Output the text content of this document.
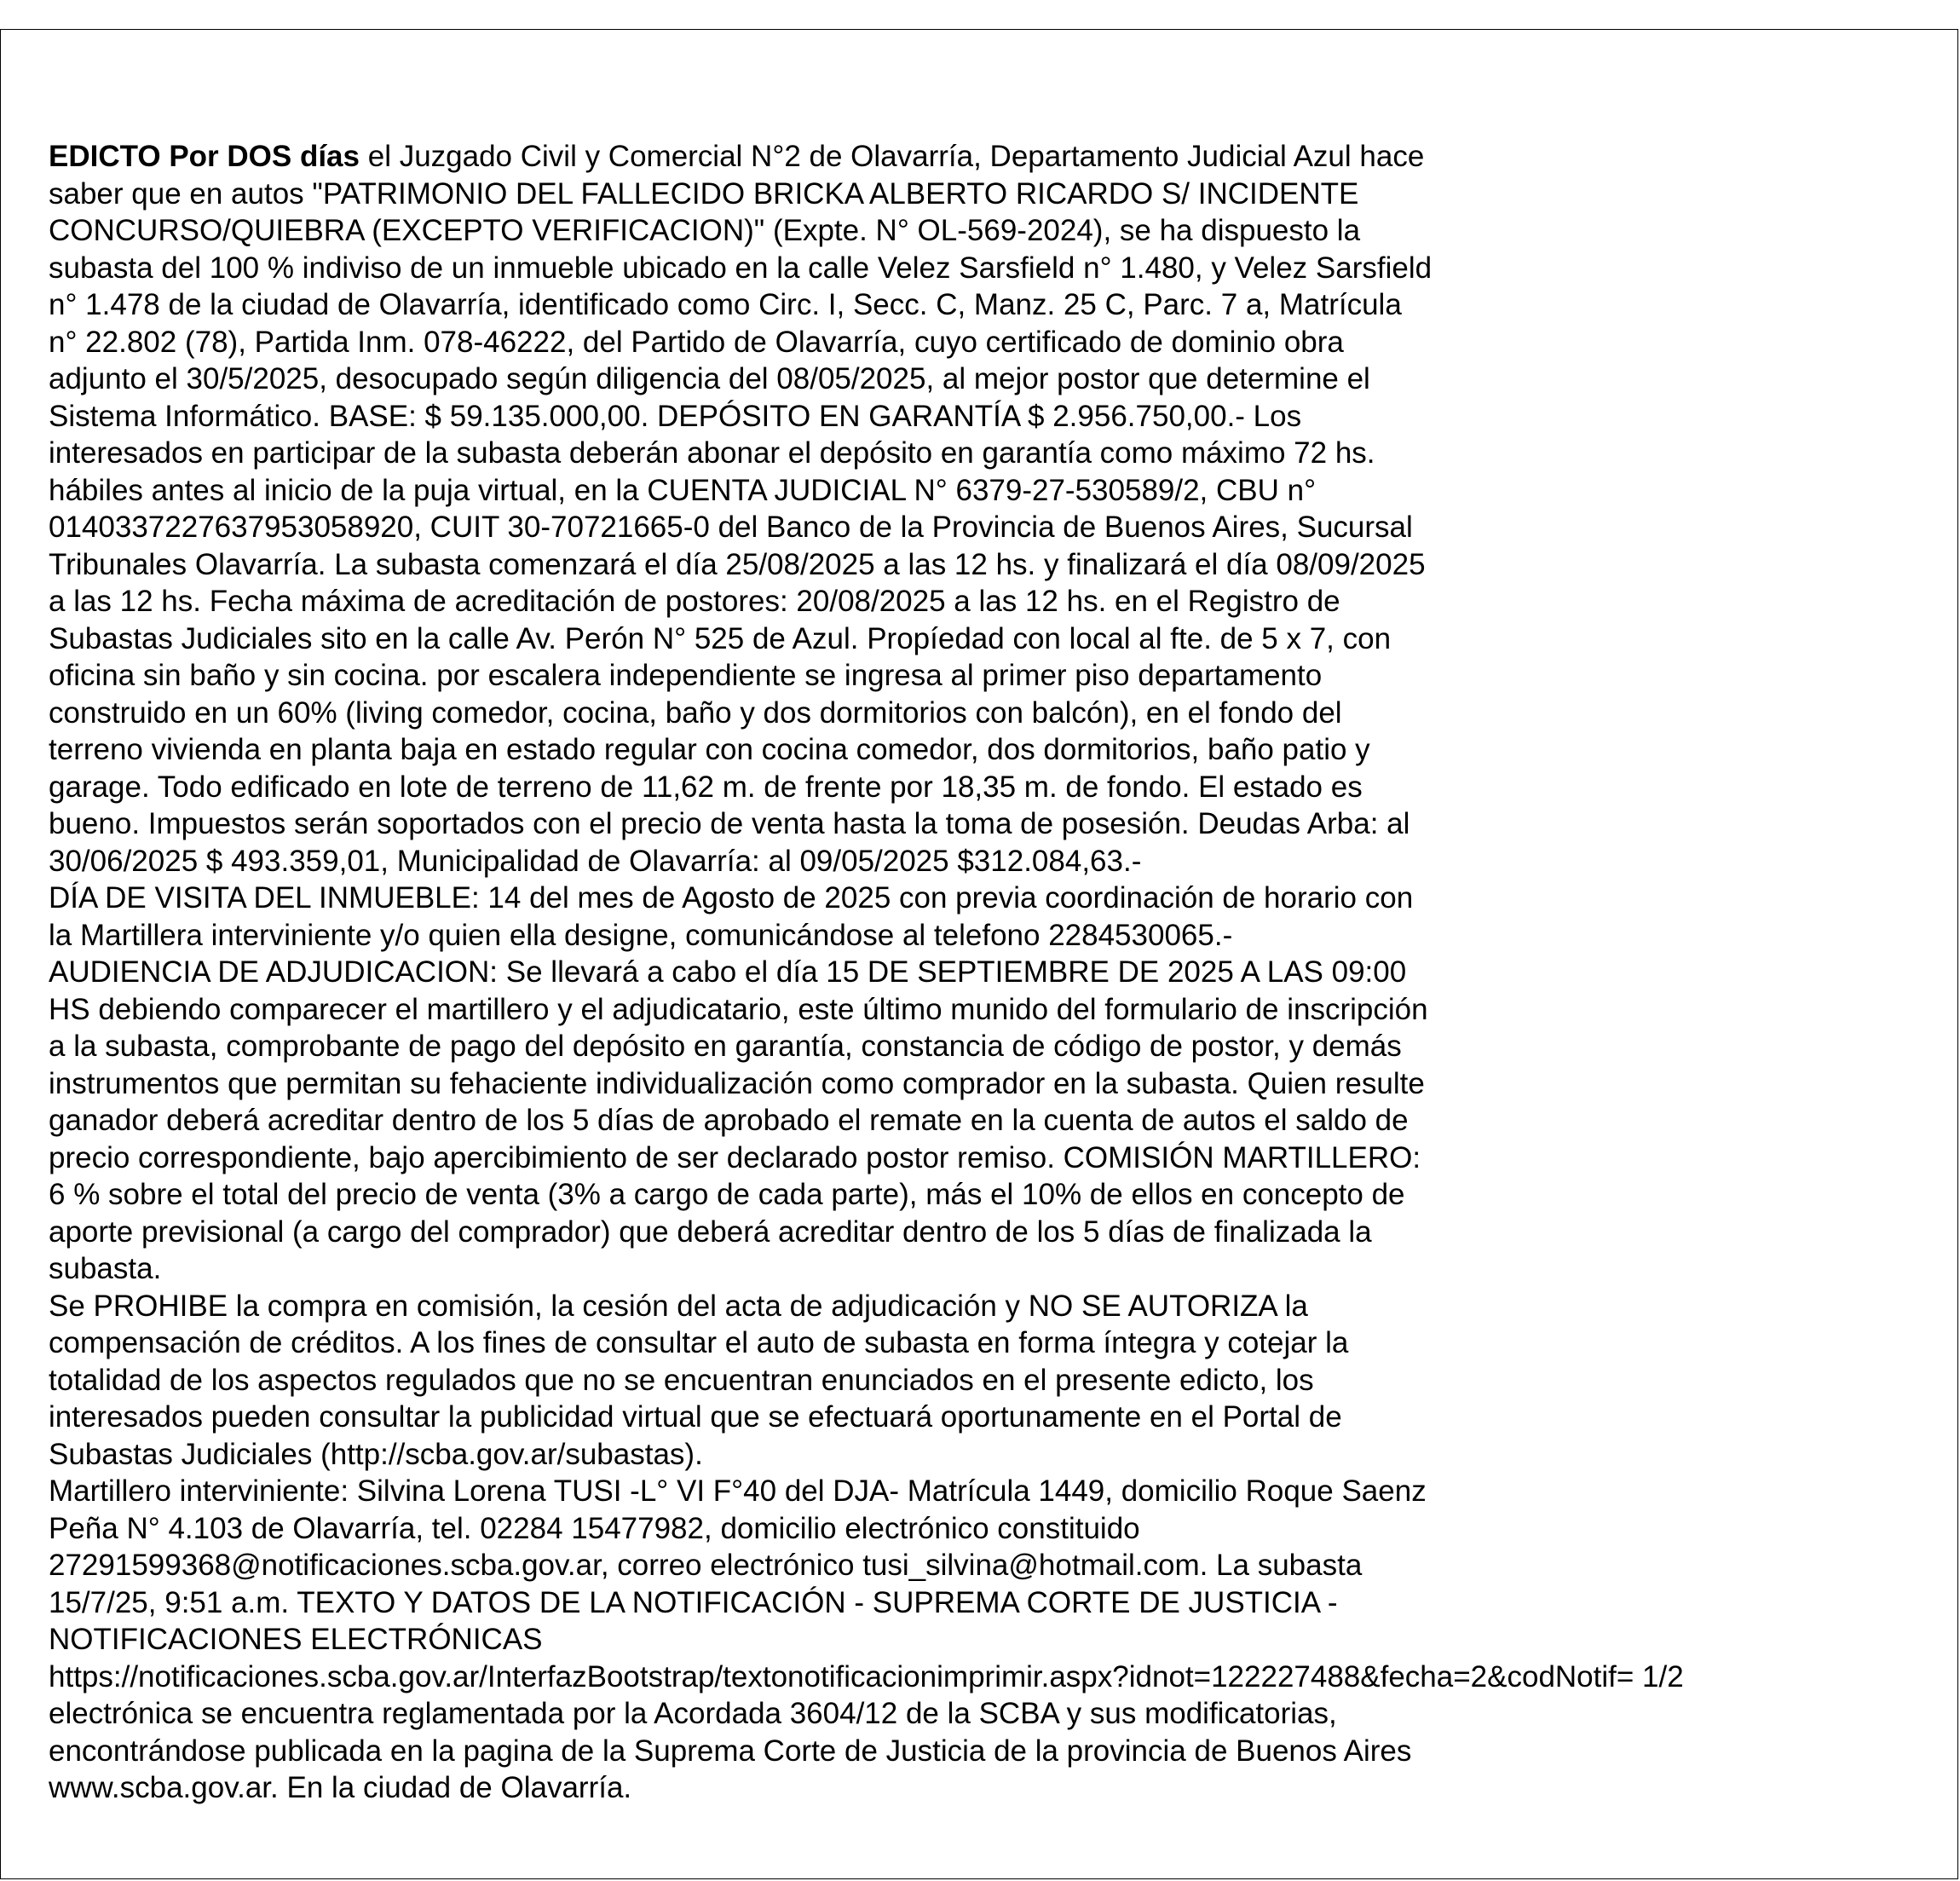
EDICTO Por DOS días el Juzgado Civil y Comercial N°2 de Olavarría, Departamento Judicial Azul hace
saber que en autos "PATRIMONIO DEL FALLECIDO BRICKA ALBERTO RICARDO S/ INCIDENTE
CONCURSO/QUIEBRA (EXCEPTO VERIFICACION)" (Expte. N° OL-569-2024), se ha dispuesto la
subasta del 100 % indiviso de un inmueble ubicado en la calle Velez Sarsfield n° 1.480, y Velez Sarsfield
n° 1.478 de la ciudad de Olavarría, identificado como Circ. I, Secc. C, Manz. 25 C, Parc. 7 a, Matrícula
n° 22.802 (78), Partida Inm. 078-46222, del Partido de Olavarría, cuyo certificado de dominio obra
adjunto el 30/5/2025, desocupado según diligencia del 08/05/2025, al mejor postor que determine el
Sistema Informático. BASE: $ 59.135.000,00. DEPÓSITO EN GARANTÍA $ 2.956.750,00.- Los
interesados en participar de la subasta deberán abonar el depósito en garantía como máximo 72 hs.
hábiles antes al inicio de la puja virtual, en la CUENTA JUDICIAL N° 6379-27-530589/2, CBU n°
0140337227637953058920, CUIT 30-70721665-0 del Banco de la Provincia de Buenos Aires, Sucursal
Tribunales Olavarría. La subasta comenzará el día 25/08/2025 a las 12 hs. y finalizará el día 08/09/2025
a las 12 hs. Fecha máxima de acreditación de postores: 20/08/2025 a las 12 hs. en el Registro de
Subastas Judiciales sito en la calle Av. Perón N° 525 de Azul. Propíedad con local al fte. de 5 x 7, con
oficina sin baño y sin cocina. por escalera independiente se ingresa al primer piso departamento
construido en un 60% (living comedor, cocina, baño y dos dormitorios con balcón), en el fondo del
terreno vivienda en planta baja en estado regular con cocina comedor, dos dormitorios, baño patio y
garage. Todo edificado en lote de terreno de 11,62 m. de frente por 18,35 m. de fondo. El estado es
bueno. Impuestos serán soportados con el precio de venta hasta la toma de posesión. Deudas Arba: al
30/06/2025 $ 493.359,01, Municipalidad de Olavarría: al 09/05/2025 $312.084,63.-
DÍA DE VISITA DEL INMUEBLE: 14 del mes de Agosto de 2025 con previa coordinación de horario con
la Martillera interviniente y/o quien ella designe, comunicándose al telefono 2284530065.-
AUDIENCIA DE ADJUDICACION: Se llevará a cabo el día 15 DE SEPTIEMBRE DE 2025 A LAS 09:00
HS debiendo comparecer el martillero y el adjudicatario, este último munido del formulario de inscripción
a la subasta, comprobante de pago del depósito en garantía, constancia de código de postor, y demás
instrumentos que permitan su fehaciente individualización como comprador en la subasta. Quien resulte
ganador deberá acreditar dentro de los 5 días de aprobado el remate en la cuenta de autos el saldo de
precio correspondiente, bajo apercibimiento de ser declarado postor remiso. COMISIÓN MARTILLERO:
6 % sobre el total del precio de venta (3% a cargo de cada parte), más el 10% de ellos en concepto de
aporte previsional (a cargo del comprador) que deberá acreditar dentro de los 5 días de finalizada la
subasta.
Se PROHIBE la compra en comisión, la cesión del acta de adjudicación y NO SE AUTORIZA la
compensación de créditos. A los fines de consultar el auto de subasta en forma íntegra y cotejar la
totalidad de los aspectos regulados que no se encuentran enunciados en el presente edicto, los
interesados pueden consultar la publicidad virtual que se efectuará oportunamente en el Portal de
Subastas Judiciales (http://scba.gov.ar/subastas).
Martillero interviniente: Silvina Lorena TUSI -L° VI F°40 del DJA- Matrícula 1449, domicilio Roque Saenz
Peña N° 4.103 de Olavarría, tel. 02284 15477982, domicilio electrónico constituido
27291599368@notificaciones.scba.gov.ar, correo electrónico tusi_silvina@hotmail.com. La subasta
15/7/25, 9:51 a.m. TEXTO Y DATOS DE LA NOTIFICACIÓN - SUPREMA CORTE DE JUSTICIA -
NOTIFICACIONES ELECTRÓNICAS
https://notificaciones.scba.gov.ar/InterfazBootstrap/textonotificacionimprimir.aspx?idnot=122227488&fecha=2&codNotif= 1/2
electrónica se encuentra reglamentada por la Acordada 3604/12 de la SCBA y sus modificatorias,
encontrándose publicada en la pagina de la Suprema Corte de Justicia de la provincia de Buenos Aires
www.scba.gov.ar. En la ciudad de Olavarría.
